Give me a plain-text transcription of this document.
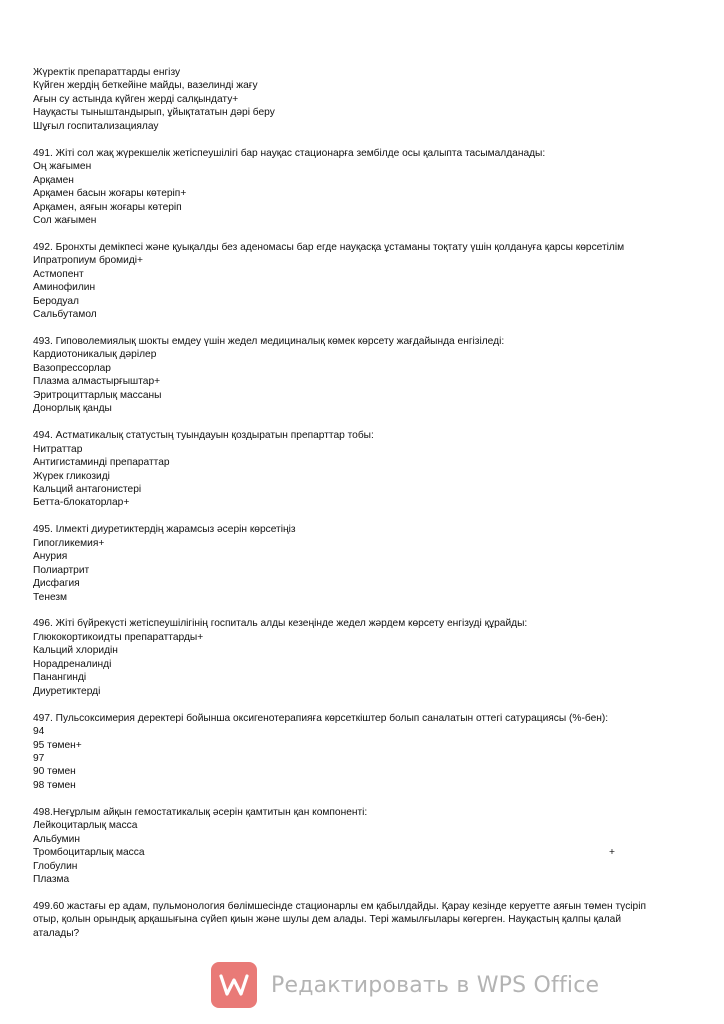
Жүректік препараттарды енгізу
Күйген жердің беткейіне майды, вазелинді жағу
Ағын су астында күйген жерді салқындату+
Науқасты тыныштандырып, ұйықтататын дәрі беру
Шұғыл госпитализациялау
491. Жіті сол жақ жүрекшелік жетіспеушілігі бар науқас стационарға зембілде осы қалыпта тасымалданады:
Оң жағымен
Арқамен
Арқамен басын жоғары көтеріп+
Арқамен, аяғын жоғары көтеріп
Сол жағымен
492. Бронхты демікпесі және қуықалды без аденомасы бар егде науқасқа ұстаманы тоқтату үшін қолдануға қарсы көрсетілім
Ипратропиум бромиді+
Астмопент
Аминофилин
Беродуал
Сальбутамол
493. Гиповолемиялық шокты емдеу үшін жедел медициналық көмек көрсету жағдайында енгізіледі:
Кардиотоникалық дәрілер
Вазопрессорлар
Плазма алмастырғыштар+
Эритроциттарлық массаны
Донорлық қанды
494. Астматикалық статустың туындауын қоздыратын препарттар тобы:
Нитраттар
Антигистаминді препараттар
Жүрек гликозиді
Кальций антагонистері
Бетта-блокаторлар+
495. Ілмекті диуретиктердің жарамсыз әсерін көрсетіңіз
Гипогликемия+
Анурия
Полиартрит
Дисфагия
Тенезм
496. Жіті бүйрекүсті жетіспеушілігінің госпиталь алды кезеңінде жедел жәрдем көрсету енгізуді құрайды:
Глюкокортикоидты препараттарды+
Кальций хлоридін
Норадреналинді
Панангинді
Диуретиктерді
497. Пульсоксимерия деректері бойынша оксигенотерапияға көрсеткіштер болып саналатын оттегі сатурациясы (%-бен):
94
95 төмен+
97
90 төмен
98 төмен
498.Неғұрлым айқын гемостатикалық әсерін қамтитын қан компоненті:
Лейкоцитарлық масса
Альбумин
Тромбоцитарлық масса	+
Глобулин
Плазма
499.60 жастағы ер адам, пульмонология бөлімшесінде стационарлы ем қабылдайды. Қарау кезінде керуетте аяғын төмен түсіріп отыр, қолын орындық арқашығына сүйеп қиын және шулы дем алады. Тері жамылғылары көгерген. Науқастың қалпы қалай аталады?
Редактировать в WPS Office
